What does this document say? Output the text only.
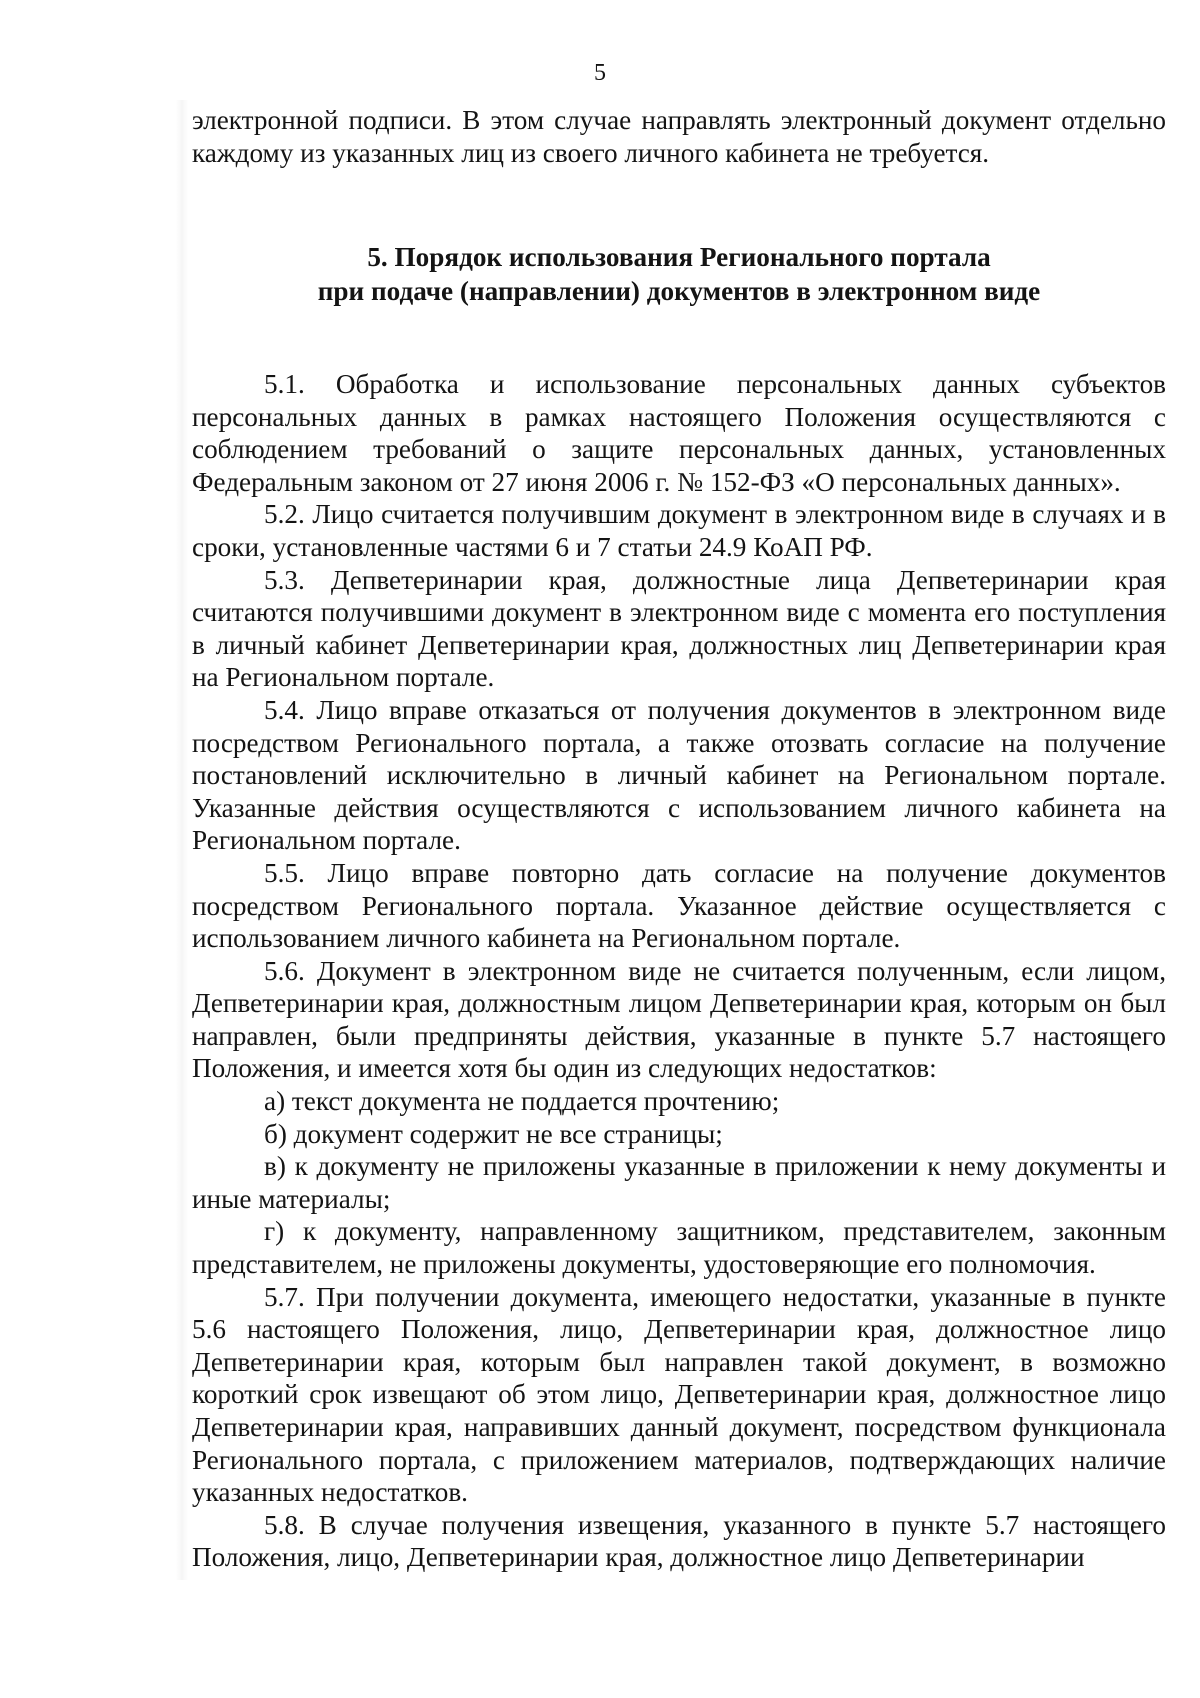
5

электронной подписи. В этом случае направлять электронный документ отдельно каждому из указанных лиц из своего личного кабинета не требуется.

5. Порядок использования Регионального портала
при подаче (направлении) документов в электронном виде

5.1. Обработка и использование персональных данных субъектов персональных данных в рамках настоящего Положения осуществляются с соблюдением требований о защите персональных данных, установленных Федеральным законом от 27 июня 2006 г. № 152-ФЗ «О персональных данных».

5.2. Лицо считается получившим документ в электронном виде в случаях и в сроки, установленные частями 6 и 7 статьи 24.9 КоАП РФ.

5.3. Депветеринарии края, должностные лица Депветеринарии края считаются получившими документ в электронном виде с момента его поступления в личный кабинет Депветеринарии края, должностных лиц Депветеринарии края на Региональном портале.

5.4. Лицо вправе отказаться от получения документов в электронном виде посредством Регионального портала, а также отозвать согласие на получение постановлений исключительно в личный кабинет на Региональном портале. Указанные действия осуществляются с использованием личного кабинета на Региональном портале.

5.5. Лицо вправе повторно дать согласие на получение документов посредством Регионального портала. Указанное действие осуществляется с использованием личного кабинета на Региональном портале.

5.6. Документ в электронном виде не считается полученным, если лицом, Депветеринарии края, должностным лицом Депветеринарии края, которым он был направлен, были предприняты действия, указанные в пункте 5.7 настоящего Положения, и имеется хотя бы один из следующих недостатков:

а) текст документа не поддается прочтению;

б) документ содержит не все страницы;

в) к документу не приложены указанные в приложении к нему документы и иные материалы;

г) к документу, направленному защитником, представителем, законным представителем, не приложены документы, удостоверяющие его полномочия.

5.7. При получении документа, имеющего недостатки, указанные в пункте 5.6 настоящего Положения, лицо, Депветеринарии края, должностное лицо Депветеринарии края, которым был направлен такой документ, в возможно короткий срок извещают об этом лицо, Депветеринарии края, должностное лицо Депветеринарии края, направивших данный документ, посредством функционала Регионального портала, с приложением материалов, подтверждающих наличие указанных недостатков.

5.8. В случае получения извещения, указанного в пункте 5.7 настоящего Положения, лицо, Депветеринарии края, должностное лицо Депветеринарии
